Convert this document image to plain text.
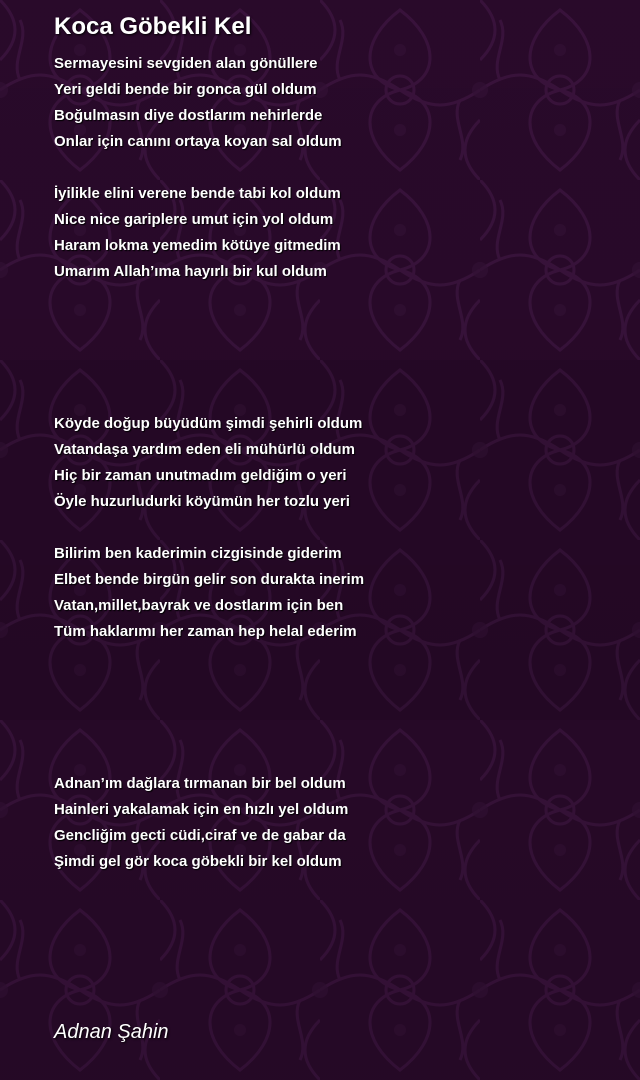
Koca Göbekli Kel
Sermayesini sevgiden alan gönüllere
Yeri geldi bende bir gonca gül oldum
Boğulmasın diye dostlarım nehirlerde
Onlar için canını ortaya koyan sal oldum
İyilikle elini verene bende tabi kol oldum
Nice nice gariplere umut için yol oldum
Haram lokma yemedim kötüye gitmedim
Umarım Allah’ıma hayırlı bir kul oldum
Köyde doğup büyüdüm şimdi şehirli oldum
Vatandaşa yardım eden eli mühürlü oldum
Hiç bir zaman unutmadım geldiğim o yeri
Öyle huzurludurki köyümün her tozlu yeri
Bilirim ben kaderimin cizgisinde giderim
Elbet bende birgün gelir son durakta inerim
Vatan,millet,bayrak ve dostlarım için ben
Tüm haklarımı her zaman hep helal ederim
Adnan’ım dağlara tırmanan bir bel oldum
Hainleri yakalamak için en hızlı yel oldum
Gencliğim gecti cüdi,ciraf ve de gabar da
Şimdi gel gör koca göbekli bir kel oldum
Adnan Şahin
